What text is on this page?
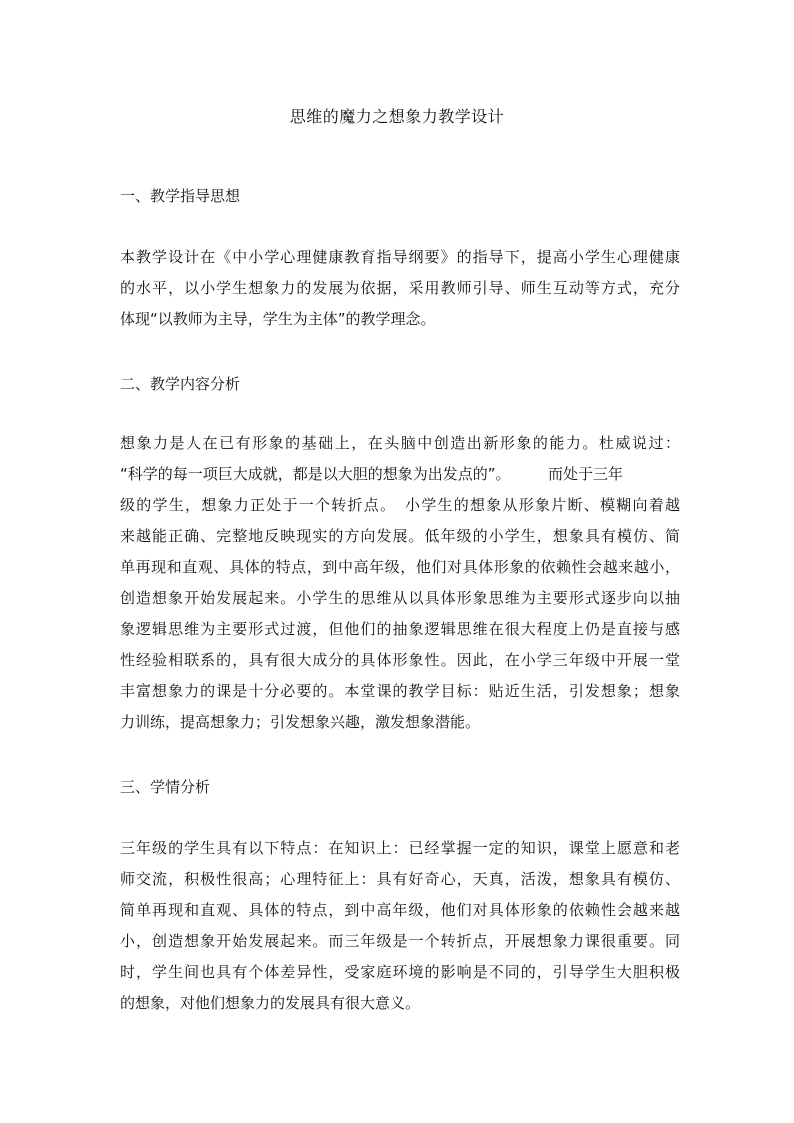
思维的魔力之想象力教学设计
一、教学指导思想
本教学设计在《中小学心理健康教育指导纲要》的指导下，提高小学生心理健康
的水平，以小学生想象力的发展为依据，采用教师引导、师生互动等方式，充分
体现“以教师为主导，学生为主体”的教学理念。
二、教学内容分析
想象力是人在已有形象的基础上，在头脑中创造出新形象的能力。杜威说过：
“科学的每一项巨大成就，都是以大胆的想象为出发点的”。　　　而处于三年
级的学生，想象力正处于一个转折点。　小学生的想象从形象片断、模糊向着越
来越能正确、完整地反映现实的方向发展。低年级的小学生，想象具有模仿、简
单再现和直观、具体的特点，到中高年级，他们对具体形象的依赖性会越来越小，
创造想象开始发展起来。小学生的思维从以具体形象思维为主要形式逐步向以抽
象逻辑思维为主要形式过渡，但他们的抽象逻辑思维在很大程度上仍是直接与感
性经验相联系的，具有很大成分的具体形象性。因此，在小学三年级中开展一堂
丰富想象力的课是十分必要的。本堂课的教学目标：贴近生活，引发想象；想象
力训练，提高想象力；引发想象兴趣，激发想象潜能。
三、学情分析
三年级的学生具有以下特点：在知识上：已经掌握一定的知识，课堂上愿意和老
师交流，积极性很高；心理特征上：具有好奇心，天真，活泼，想象具有模仿、
简单再现和直观、具体的特点，到中高年级，他们对具体形象的依赖性会越来越
小，创造想象开始发展起来。而三年级是一个转折点，开展想象力课很重要。同
时，学生间也具有个体差异性，受家庭环境的影响是不同的，引导学生大胆积极
的想象，对他们想象力的发展具有很大意义。
